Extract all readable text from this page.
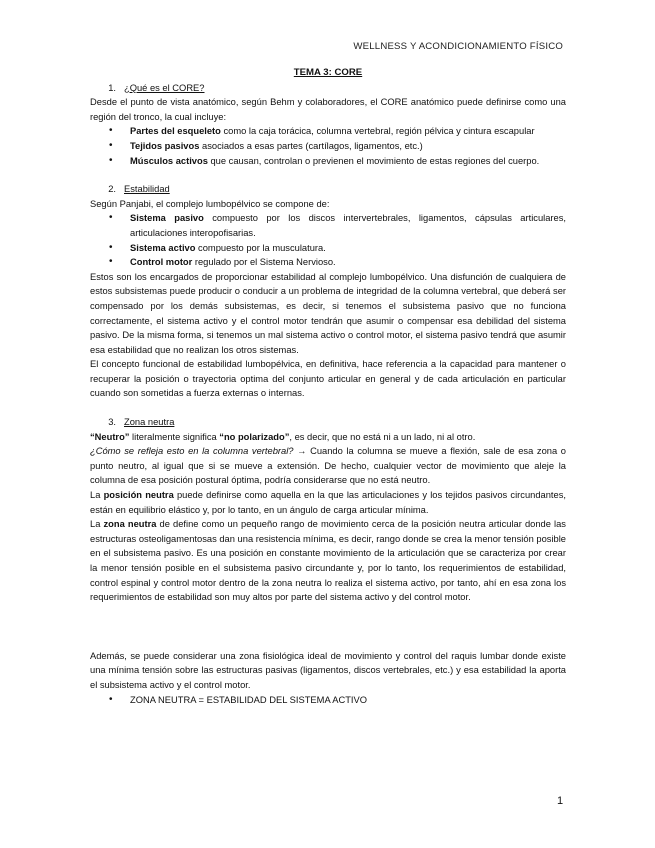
WELLNESS Y ACONDICIONAMIENTO FÍSICO

TEMA 3: CORE

1. ¿Qué es el CORE?

Desde el punto de vista anatómico, según Behm y colaboradores, el CORE anatómico puede definirse como una región del tronco, la cual incluye:

• Partes del esqueleto como la caja torácica, columna vertebral, región pélvica y cintura escapular
• Tejidos pasivos asociados a esas partes (cartílagos, ligamentos, etc.)
• Músculos activos que causan, controlan o previenen el movimiento de estas regiones del cuerpo.
2. Estabilidad

Según Panjabi, el complejo lumbopélvico se compone de:

• Sistema pasivo compuesto por los discos intervertebrales, ligamentos, cápsulas articulares, articulaciones interopofisarias.
• Sistema activo compuesto por la musculatura.
• Control motor regulado por el Sistema Nervioso.

Estos son los encargados de proporcionar estabilidad al complejo lumbopélvico. Una disfunción de cualquiera de estos subsistemas puede producir o conducir a un problema de integridad de la columna vertebral, que deberá ser compensado por los demás subsistemas, es decir, si tenemos el subsistema pasivo que no funciona correctamente, el sistema activo y el control motor tendrán que asumir o compensar esa debilidad del sistema pasivo. De la misma forma, si tenemos un mal sistema activo o control motor, el sistema pasivo tendrá que asumir esa estabilidad que no realizan los otros sistemas.

El concepto funcional de estabilidad lumbopélvica, en definitiva, hace referencia a la capacidad para mantener o recuperar la posición o trayectoria optima del conjunto articular en general y de cada articulación en particular cuando son sometidas a fuerza externas o internas.

3. Zona neutra

“Neutro” literalmente significa “no polarizado”, es decir, que no está ni a un lado, ni al otro.

¿Cómo se refleja esto en la columna vertebral? → Cuando la columna se mueve a flexión, sale de esa zona o punto neutro, al igual que si se mueve a extensión. De hecho, cualquier vector de movimiento que aleje la columna de esa posición postural óptima, podría considerarse que no está neutro.

La posición neutra puede definirse como aquella en la que las articulaciones y los tejidos pasivos circundantes, están en equilibrio elástico y, por lo tanto, en un ángulo de carga articular mínima.

La zona neutra de define como un pequeño rango de movimiento cerca de la posición neutra articular donde las estructuras osteoligamentosas dan una resistencia mínima, es decir, rango donde se crea la menor tensión posible en el subsistema pasivo. Es una posición en constante movimiento de la articulación que se caracteriza por crear la menor tensión posible en el subsistema pasivo circundante y, por lo tanto, los requerimientos de estabilidad, control espinal y control motor dentro de la zona neutra lo realiza el sistema activo, por tanto, ahí en esa zona los requerimientos de estabilidad son muy altos por parte del sistema activo y del control motor.

Además, se puede considerar una zona fisiológica ideal de movimiento y control del raquis lumbar donde existe una mínima tensión sobre las estructuras pasivas (ligamentos, discos vertebrales, etc.) y esa estabilidad la aporta el subsistema activo y el control motor.

• ZONA NEUTRA = ESTABILIDAD DEL SISTEMA ACTIVO
1
